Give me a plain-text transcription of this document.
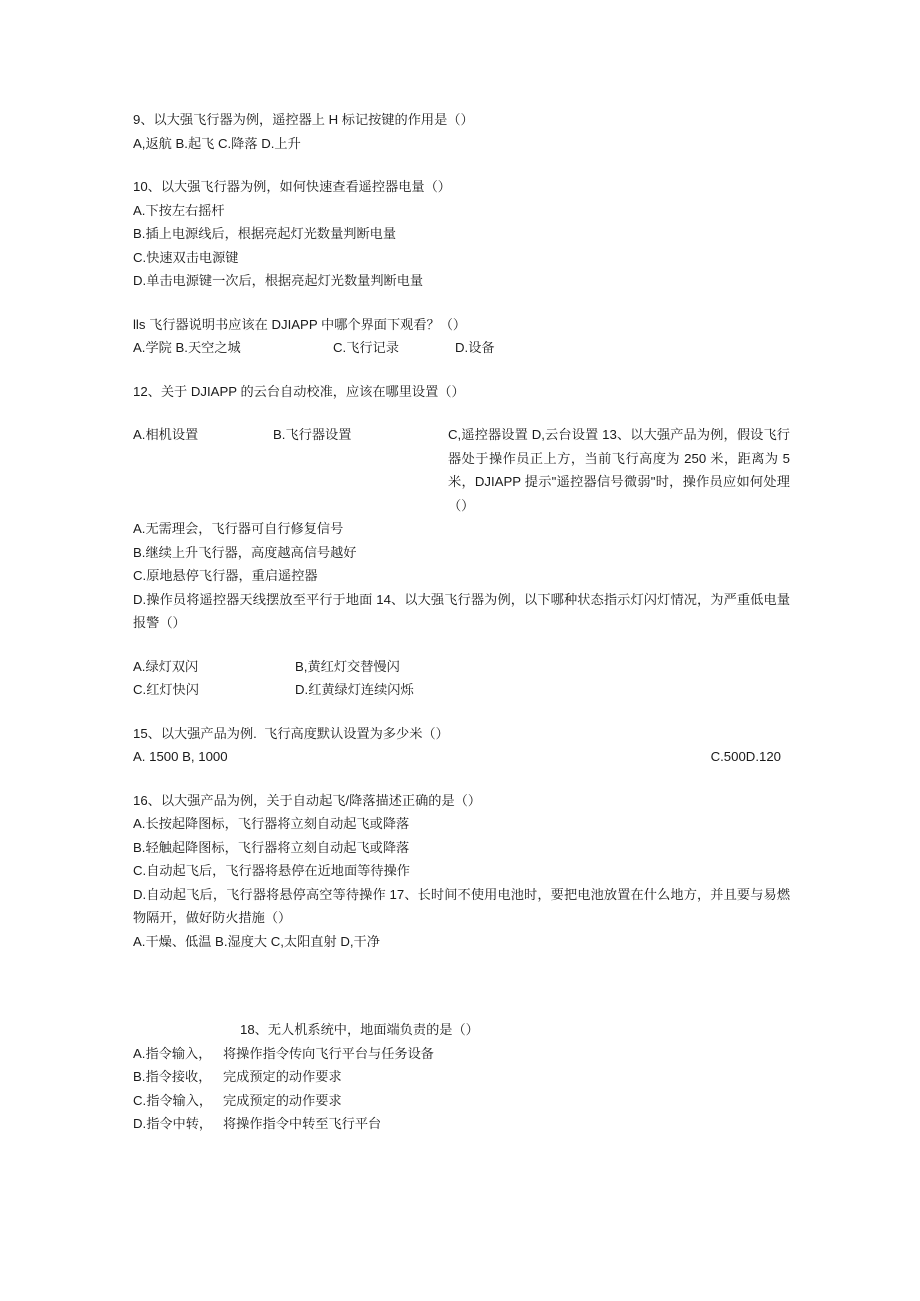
9、以大强飞行器为例，遥控器上 H 标记按键的作用是（）

A,返航 B.起飞 C.降落 D.上升

10、以大强飞行器为例，如何快速查看遥控器电量（）

A.下按左右摇杆

B.插上电源线后，根据亮起灯光数量判断电量

C.快速双击电源键

D.单击电源键一次后，根据亮起灯光数量判断电量

lls 飞行器说明书应该在 DJIAPP 中哪个界面下观看？（）

A.学院 B.天空之城	C.飞行记录	D.设备

12、关于 DJIAPP 的云台自动校准，应该在哪里设置（）

A.相机设置	B.飞行器设置	C,遥控器设置 D,云台设置 13、以大强产品为例，假设飞行器处于操作员正上方，当前飞行高度为 250 米，距离为 5 米，DJIAPP 提示"遥控器信号微弱"时，操作员应如何处理（）

A.无需理会，飞行器可自行修复信号

B.继续上升飞行器，高度越高信号越好

C.原地悬停飞行器，重启遥控器

D.操作员将遥控器天线摆放至平行于地面 14、以大强飞行器为例，以下哪种状态指示灯闪灯情况，为严重低电量报警（）

A.绿灯双闪	B,黄红灯交替慢闪
C.红灯快闪	D.红黄绿灯连续闪烁

15、以大强产品为例.  飞行高度默认设置为多少米（）

A. 1500 B, 1000	C.500D.120

16、以大强产品为例，关于自动起飞/降落描述正确的是（）

A.长按起降图标，飞行器将立刻自动起飞或降落

B.轻触起降图标，飞行器将立刻自动起飞或降落

C.自动起飞后，飞行器将悬停在近地面等待操作

D.自动起飞后，飞行器将悬停高空等待操作 17、长时间不使用电池时，要把电池放置在什么地方，并且要与易燃物隔开，做好防火措施（）

A.干燥、低温 B.湿度大 C,太阳直射 D,干净

18、无人机系统中，地面端负责的是（）

A.指令输入， 将操作指令传向飞行平台与任务设备
B.指令接收， 完成预定的动作要求
C.指令输入， 完成预定的动作要求
D.指令中转， 将操作指令中转至飞行平台
